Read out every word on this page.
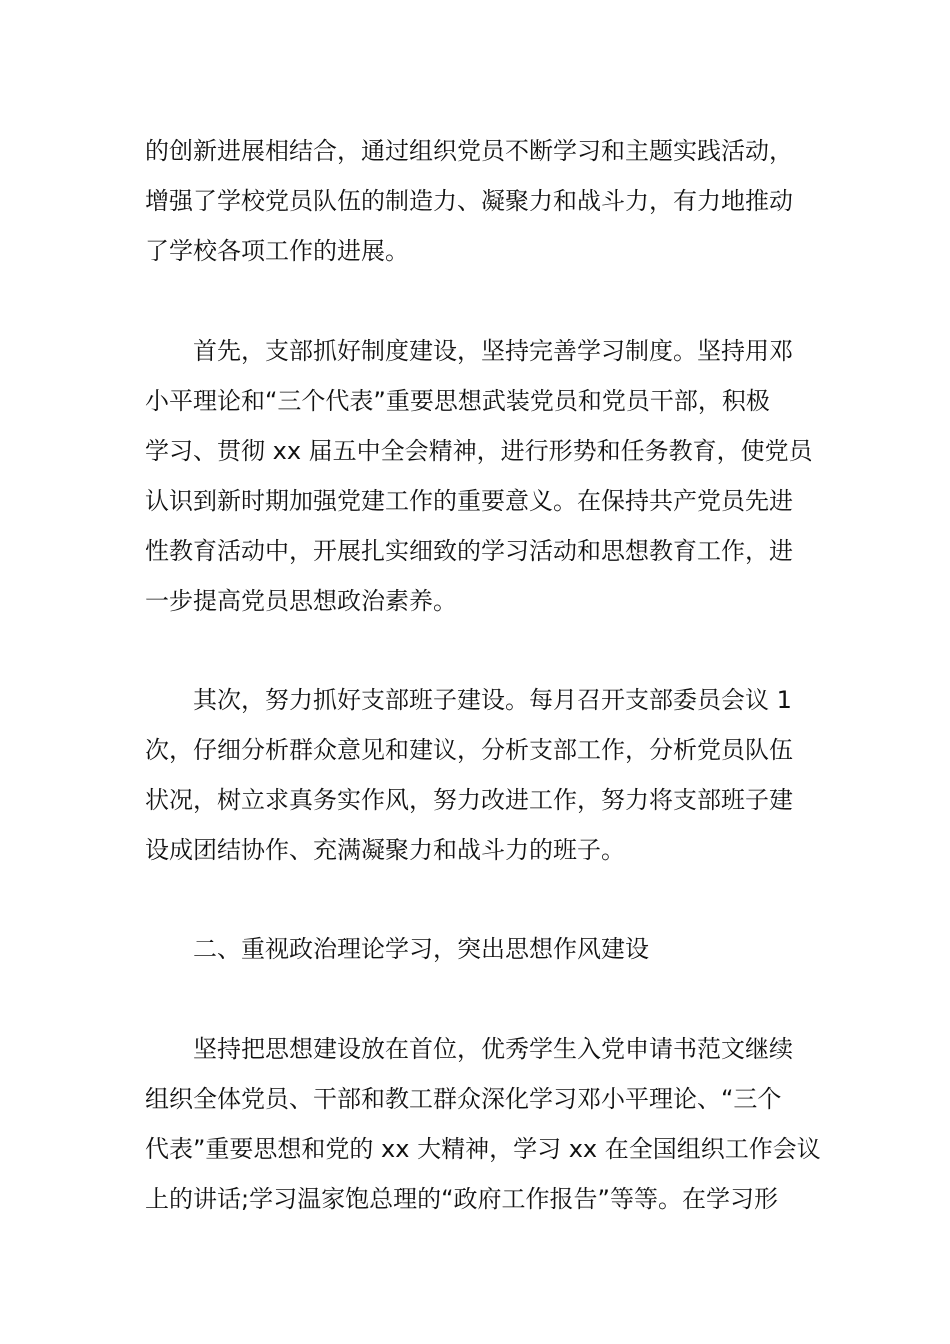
的创新进展相结合，通过组织党员不断学习和主题实践活动，
增强了学校党员队伍的制造力、凝聚力和战斗力，有力地推动
了学校各项工作的进展。
首先，支部抓好制度建设，坚持完善学习制度。坚持用邓
小平理论和“三个代表”重要思想武装党员和党员干部，积极
学习、贯彻 xx 届五中全会精神，进行形势和任务教育，使党员
认识到新时期加强党建工作的重要意义。在保持共产党员先进
性教育活动中，开展扎实细致的学习活动和思想教育工作，进
一步提高党员思想政治素养。
其次，努力抓好支部班子建设。每月召开支部委员会议 1
次，仔细分析群众意见和建议，分析支部工作，分析党员队伍
状况，树立求真务实作风，努力改进工作，努力将支部班子建
设成团结协作、充满凝聚力和战斗力的班子。
二、重视政治理论学习，突出思想作风建设
坚持把思想建设放在首位，优秀学生入党申请书范文继续
组织全体党员、干部和教工群众深化学习邓小平理论、“三个
代表”重要思想和党的 xx 大精神，学习 xx 在全国组织工作会议
上的讲话;学习温家饱总理的“政府工作报告”等等。在学习形
